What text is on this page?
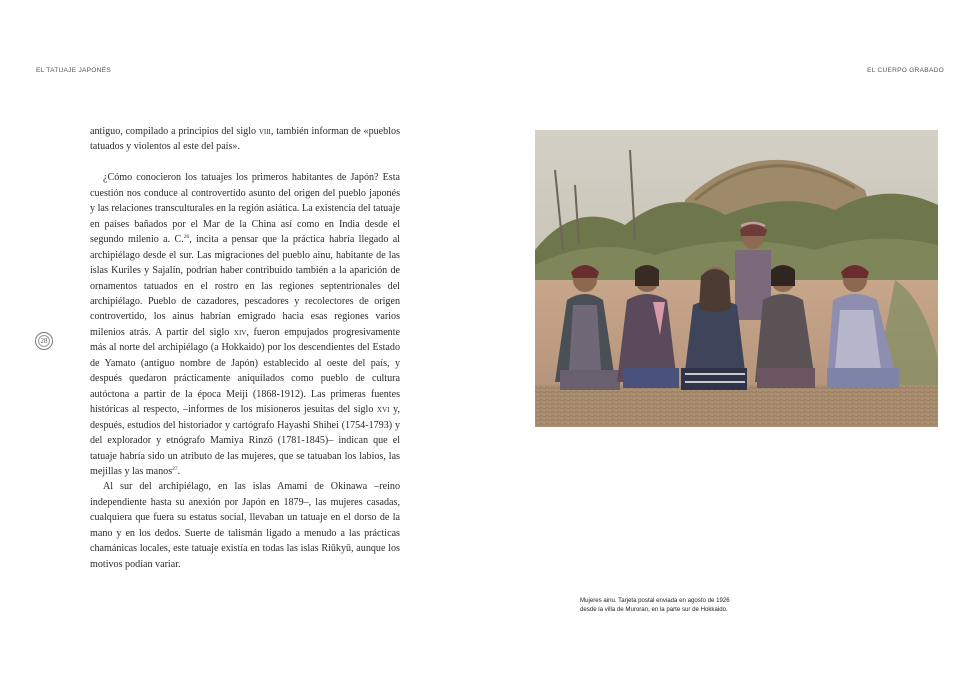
EL TATUAJE JAPONÉS	EL CUERPO GRABADO
28

antiguo, compilado a principios del siglo viii, también informan de «pueblos tatuados y violentos al este del país».

¿Cómo conocieron los tatuajes los primeros habitantes de Japón? Esta cuestión nos conduce al controvertido asunto del origen del pueblo japonés y las relaciones transculturales en la región asiática. La existencia del tatuaje en países bañados por el Mar de la China así como en India desde el segundo milenio a. C.$^{26}$, incita a pensar que la práctica habría llegado al archipiélago desde el sur. Las migraciones del pueblo ainu, habitante de las islas Kuriles y Sajalín, podrían haber contribuido también a la aparición de ornamentos tatuados en el rostro en las regiones septentrionales del archipiélago. Pueblo de cazadores, pescadores y recolectores de origen controvertido, los ainus habrían emigrado hacia esas regiones varios milenios atrás. A partir del siglo xiv, fueron empujados progresivamente más al norte del archipiélago (a Hokkaido) por los descendientes del Estado de Yamato (antiguo nombre de Japón) establecido al oeste del país, y después quedaron prácticamente aniquilados como pueblo de cultura autóctona a partir de la época Meiji (1868-1912). Las primeras fuentes históricas al respecto, –informes de los misioneros jesuitas del siglo xvi y, después, estudios del historiador y cartógrafo Hayashi Shihei (1754-1793) y del explorador y etnógrafo Mamiya Rinzō (1781-1845)– indican que el tatuaje habría sido un atributo de las mujeres, que se tatuaban los labios, las mejillas y las manos$^{27}$.

Al sur del archipiélago, en las islas Amami de Okinawa –reino independiente hasta su anexión por Japón en 1879–, las mujeres casadas, cualquiera que fuera su estatus social, llevaban un tatuaje en el dorso de la mano y en los dedos. Suerte de talismán ligado a menudo a las prácticas chamánicas locales, este tatuaje existía en todas las islas Riūkyū, aunque los motivos podían variar.

Mujeres ainu. Tarjeta postal enviada en agosto de 1926
desde la villa de Muroran, en la parte sur de Hokkaido.
